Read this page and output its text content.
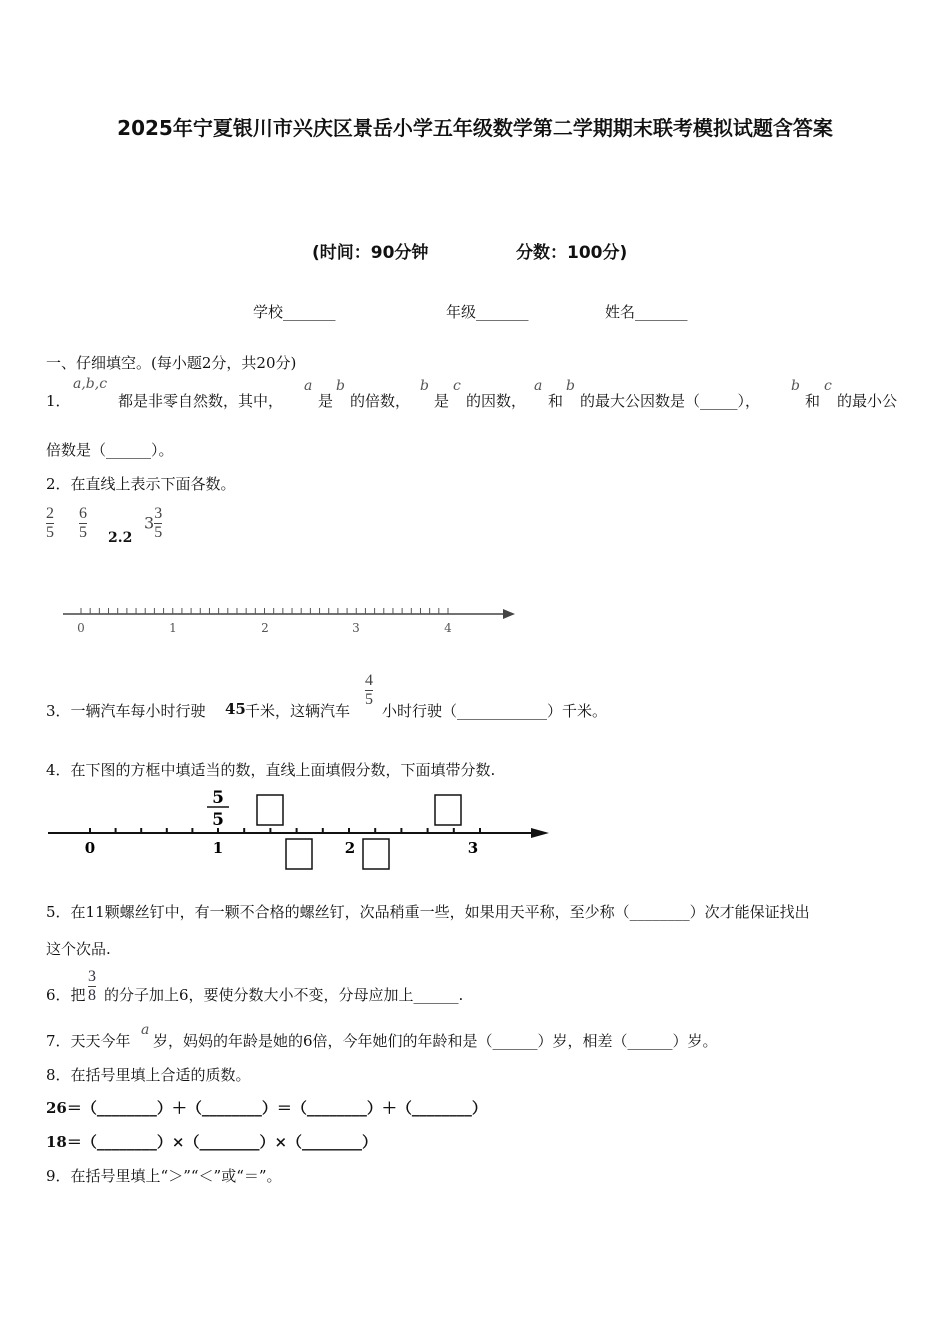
2025年宁夏银川市兴庆区景岳小学五年级数学第二学期期末联考模拟试题含答案
(时间：90分钟	分数：100分)
学校_______	年级_______	姓名_______
一、仔细填空。(每小题2分，共20分)
1．
a,b,c
都是非零自然数，其中，
a
是
b
的倍数，
b
是
c
的因数，
a
和
b
的最大公因数是（_____），
b
和
c
的最小公
倍数是（______）。
2．在直线上表示下面各数。
$\frac{2}{5} \frac{6}{5} 2.2$
$3 \frac{3}{5}$
0	1	2	3	4
3．一辆汽车每小时行驶 45 千米，这辆汽车
$\frac{4}{5}$
小时行驶（____________）千米。
4．在下图的方框中填适当的数，直线上面填假分数，下面填带分数.
5
5
0	1	2	3
5．在11颗螺丝钉中，有一颗不合格的螺丝钉，次品稍重一些，如果用天平称，至少称（________）次才能保证找出
这个次品.
6．把 $\frac{3}{8}$ 的分子加上6，要使分数大小不变，分母应加上______.
7．天天今年
a
岁，妈妈的年龄是她的6倍，今年她们的年龄和是（______）岁，相差（______）岁。
8．在括号里填上合适的质数。
26＝（________）＋（________）＝（________）＋（________）
18＝（________）×（________）×（________）
9．在括号里填上“＞”“＜”或“＝”。
